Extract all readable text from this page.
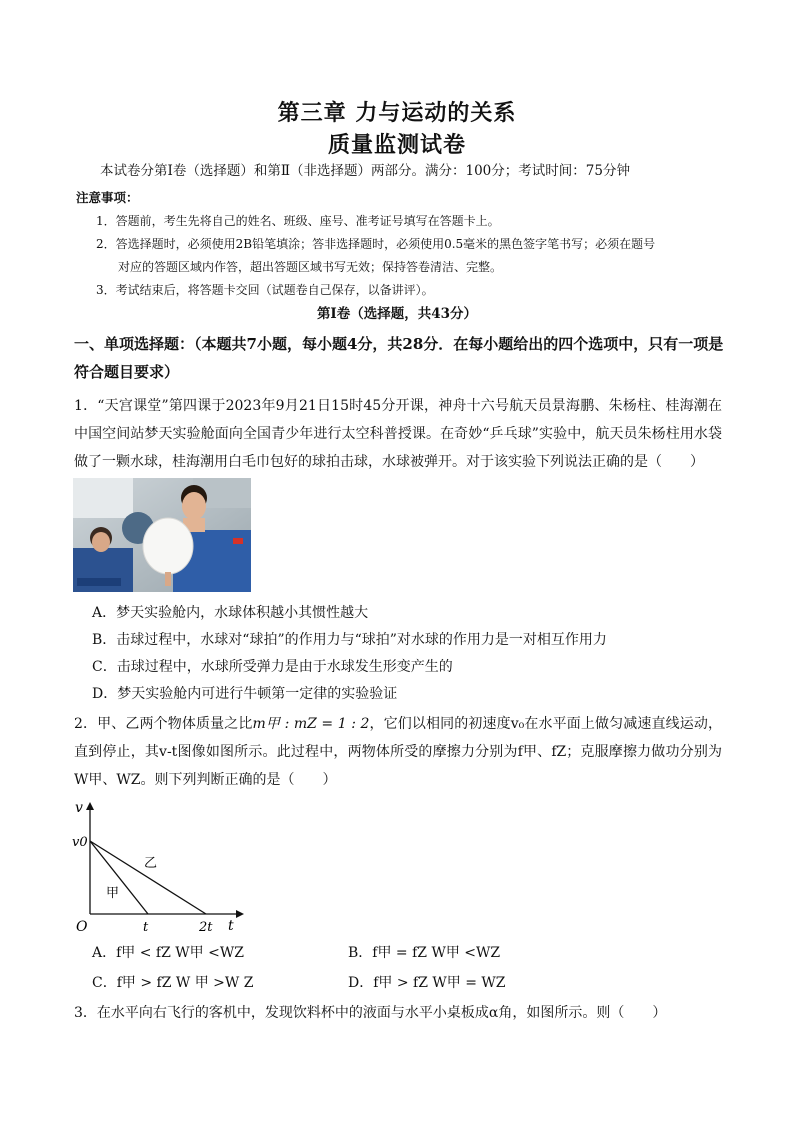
第三章 力与运动的关系
质量监测试卷
本试卷分第Ⅰ卷（选择题）和第Ⅱ（非选择题）两部分。满分：100分；考试时间：75分钟
注意事项：
1．答题前，考生先将自己的姓名、班级、座号、准考证号填写在答题卡上。
2．答选择题时，必须使用2B铅笔填涂；答非选择题时，必须使用0.5毫米的黑色签字笔书写；必须在题号
对应的答题区域内作答，超出答题区域书写无效；保持答卷清洁、完整。
3．考试结束后，将答题卡交回（试题卷自己保存，以备讲评）。
第Ⅰ卷（选择题，共43分）
一、单项选择题：（本题共7小题，每小题4分，共28分．在每小题给出的四个选项中，只有一项是符合题目要求）
1．“天宫课堂”第四课于2023年9月21日15时45分开课，神舟十六号航天员景海鹏、朱杨柱、桂海潮在中国空间站梦天实验舱面向全国青少年进行太空科普授课。在奇妙“乒乓球”实验中，航天员朱杨柱用水袋做了一颗水球，桂海潮用白毛巾包好的球拍击球，水球被弹开。对于该实验下列说法正确的是（　　）
A．梦天实验舱内，水球体积越小其惯性越大
B．击球过程中，水球对“球拍”的作用力与“球拍”对水球的作用力是一对相互作用力
C．击球过程中，水球所受弹力是由于水球发生形变产生的
D．梦天实验舱内可进行牛顿第一定律的实验验证
2．甲、乙两个物体质量之比m甲 : mZ = 1 : 2，它们以相同的初速度v₀在水平面上做匀减速直线运动，直到停止，其v-t图像如图所示。此过程中，两物体所受的摩擦力分别为f甲、fZ；克服摩擦力做功分别为W甲、WZ。则下列判断正确的是（　　）
v
t
O
v0
t	2t
甲
乙
A．f甲 < fZ W甲 <WZ	B．f甲 = fZ W甲 <WZ
C．f甲 > fZ W 甲 >W Z	D．f甲 > fZ W甲 = WZ
3．在水平向右飞行的客机中，发现饮料杯中的液面与水平小桌板成α角，如图所示。则（　　）
